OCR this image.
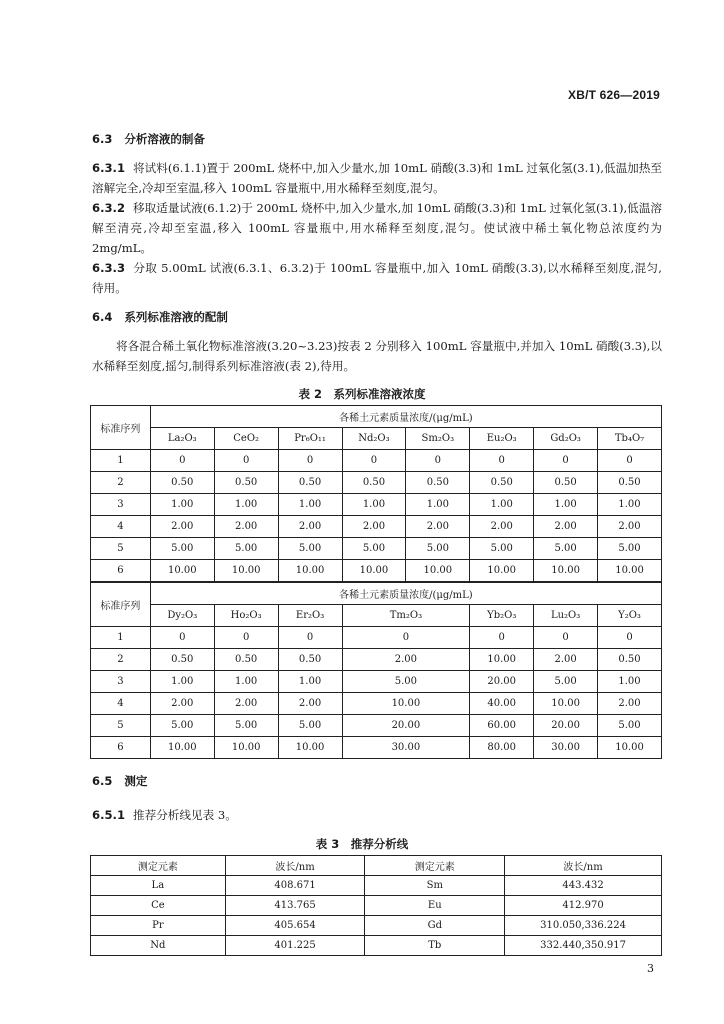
XB/T 626—2019
6.3 分析溶液的制备
6.3.1 将试料(6.1.1)置于 200mL 烧杯中,加入少量水,加 10mL 硝酸(3.3)和 1mL 过氧化氢(3.1),低温加热至溶解完全,冷却至室温,移入 100mL 容量瓶中,用水稀释至刻度,混匀。
6.3.2 移取适量试液(6.1.2)于 200mL 烧杯中,加入少量水,加 10mL 硝酸(3.3)和 1mL 过氧化氢(3.1),低温溶解至清亮,冷却至室温,移入 100mL 容量瓶中,用水稀释至刻度,混匀。使试液中稀土氧化物总浓度约为 2mg/mL。
6.3.3 分取 5.00mL 试液(6.3.1、6.3.2)于 100mL 容量瓶中,加入 10mL 硝酸(3.3),以水稀释至刻度,混匀,待用。
6.4 系列标准溶液的配制
将各混合稀土氧化物标准溶液(3.20~3.23)按表 2 分别移入 100mL 容量瓶中,并加入 10mL 硝酸(3.3),以水稀释至刻度,摇匀,制得系列标准溶液(表 2),待用。
表 2　系列标准溶液浓度
标准序列	各稀土元素质量浓度/(μg/mL)							
	La₂O₃	CeO₂	Pr₆O₁₁	Nd₂O₃	Sm₂O₃	Eu₂O₃	Gd₂O₃	Tb₄O₇
1	0	0	0	0	0	0	0	0
2	0.50	0.50	0.50	0.50	0.50	0.50	0.50	0.50
3	1.00	1.00	1.00	1.00	1.00	1.00	1.00	1.00
4	2.00	2.00	2.00	2.00	2.00	2.00	2.00	2.00
5	5.00	5.00	5.00	5.00	5.00	5.00	5.00	5.00
6	10.00	10.00	10.00	10.00	10.00	10.00	10.00	10.00
标准序列	各稀土元素质量浓度/(μg/mL)							
	Dy₂O₃	Ho₂O₃	Er₂O₃	Tm₂O₃		Yb₂O₃	Lu₂O₃	Y₂O₃
1	0	0	0	0		0	0	0
2	0.50	0.50	0.50	2.00		10.00	2.00	0.50
3	1.00	1.00	1.00	5.00		20.00	5.00	1.00
4	2.00	2.00	2.00	10.00		40.00	10.00	2.00
5	5.00	5.00	5.00	20.00		60.00	20.00	5.00
6	10.00	10.00	10.00	30.00		80.00	30.00	10.00
6.5 测定
6.5.1 推荐分析线见表 3。
表 3　推荐分析线
测定元素	波长/nm	测定元素	波长/nm
La	408.671	Sm	443.432
Ce	413.765	Eu	412.970
Pr	405.654	Gd	310.050,336.224
Nd	401.225	Tb	332.440,350.917
3
